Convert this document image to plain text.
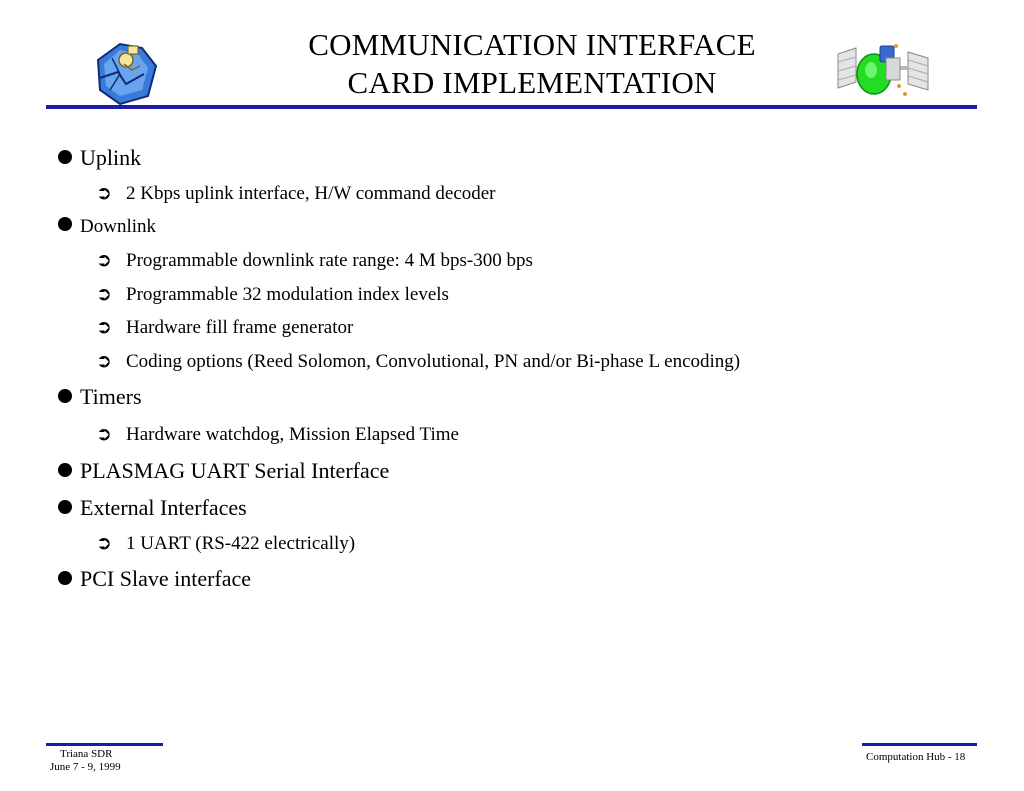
COMMUNICATION INTERFACE
CARD IMPLEMENTATION
Uplink
➲ 2 Kbps uplink interface, H/W command decoder
Downlink
➲ Programmable downlink rate range: 4 M bps-300 bps
➲ Programmable 32 modulation index levels
➲ Hardware fill frame generator
➲ Coding options (Reed Solomon, Convolutional, PN and/or Bi-phase L encoding)
Timers
➲ Hardware watchdog, Mission Elapsed Time
PLASMAG UART Serial Interface
External Interfaces
➲ 1 UART (RS-422 electrically)
PCI Slave interface
Triana SDR
June 7 - 9, 1999
Computation Hub - 18
